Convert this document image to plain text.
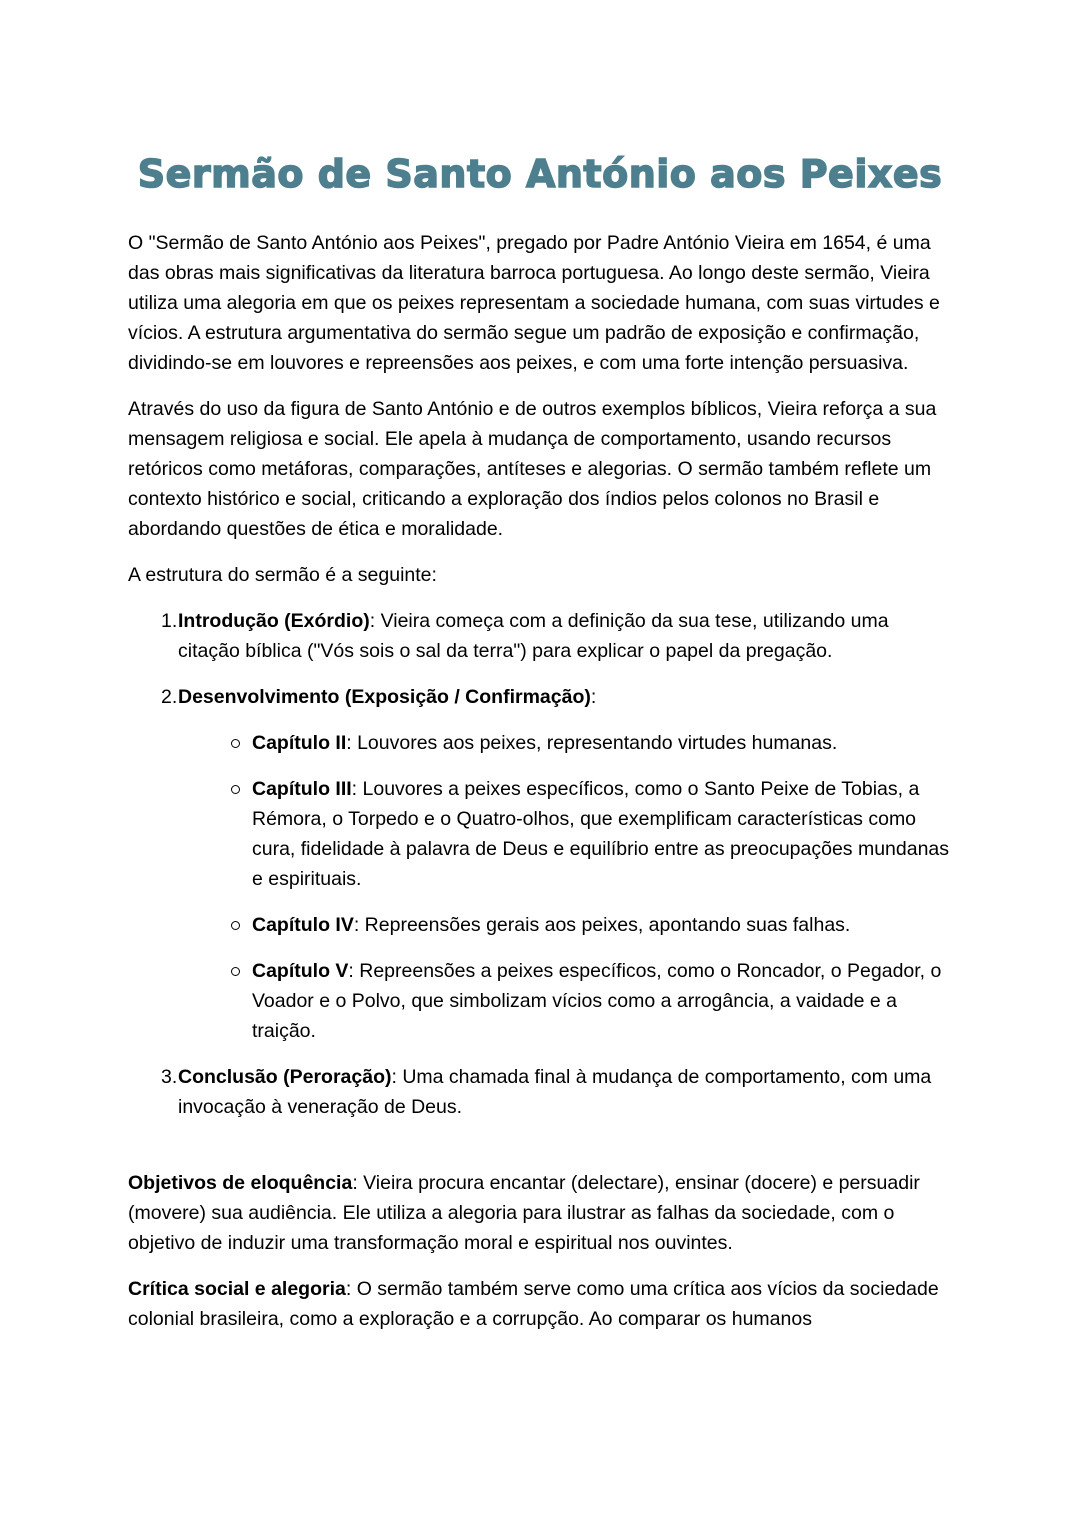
Sermão de Santo António aos Peixes

O "Sermão de Santo António aos Peixes", pregado por Padre António Vieira em 1654, é uma das obras mais significativas da literatura barroca portuguesa. Ao longo deste sermão, Vieira utiliza uma alegoria em que os peixes representam a sociedade humana, com suas virtudes e vícios. A estrutura argumentativa do sermão segue um padrão de exposição e confirmação, dividindo-se em louvores e repreensões aos peixes, e com uma forte intenção persuasiva.

Através do uso da figura de Santo António e de outros exemplos bíblicos, Vieira reforça a sua mensagem religiosa e social. Ele apela à mudança de comportamento, usando recursos retóricos como metáforas, comparações, antíteses e alegorias. O sermão também reflete um contexto histórico e social, criticando a exploração dos índios pelos colonos no Brasil e abordando questões de ética e moralidade.

A estrutura do sermão é a seguinte:

1. Introdução (Exórdio): Vieira começa com a definição da sua tese, utilizando uma citação bíblica ("Vós sois o sal da terra") para explicar o papel da pregação.
2. Desenvolvimento (Exposição / Confirmação):
Capítulo II: Louvores aos peixes, representando virtudes humanas.
Capítulo III: Louvores a peixes específicos, como o Santo Peixe de Tobias, a Rémora, o Torpedo e o Quatro-olhos, que exemplificam características como cura, fidelidade à palavra de Deus e equilíbrio entre as preocupações mundanas e espirituais.
Capítulo IV: Repreensões gerais aos peixes, apontando suas falhas.
Capítulo V: Repreensões a peixes específicos, como o Roncador, o Pegador, o Voador e o Polvo, que simbolizam vícios como a arrogância, a vaidade e a traição.
3. Conclusão (Peroração): Uma chamada final à mudança de comportamento, com uma invocação à veneração de Deus.

Objetivos de eloquência: Vieira procura encantar (delectare), ensinar (docere) e persuadir (movere) sua audiência. Ele utiliza a alegoria para ilustrar as falhas da sociedade, com o objetivo de induzir uma transformação moral e espiritual nos ouvintes.

Crítica social e alegoria: O sermão também serve como uma crítica aos vícios da sociedade colonial brasileira, como a exploração e a corrupção. Ao comparar os humanos
